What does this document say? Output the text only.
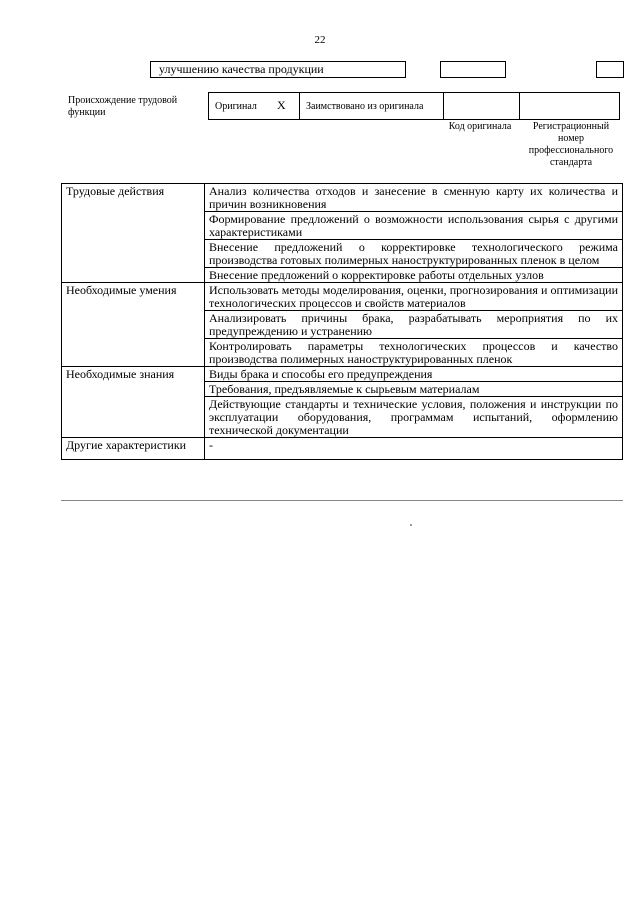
22
улучшению качества продукции
Происхождение трудовой функции
Оригинал X Заимствовано из оригинала
Код оригинала	Регистрационный номер профессионального стандарта
Трудовые действия	Анализ количества отходов и занесение в сменную карту их количества и причин возникновения
	Формирование предложений о возможности использования сырья с другими характеристиками
	Внесение предложений о корректировке технологического режима производства готовых полимерных наноструктурированных пленок в целом
	Внесение предложений о корректировке работы отдельных узлов
Необходимые умения	Использовать методы моделирования, оценки, прогнозирования и оптимизации технологических процессов и свойств материалов
	Анализировать причины брака, разрабатывать мероприятия по их предупреждению и устранению
	Контролировать параметры технологических процессов и качество производства полимерных наноструктурированных пленок
Необходимые знания	Виды брака и способы его предупреждения
	Требования, предъявляемые к сырьевым материалам
	Действующие стандарты и технические условия, положения и инструкции по эксплуатации оборудования, программам испытаний, оформлению технической документации
Другие характеристики	-
